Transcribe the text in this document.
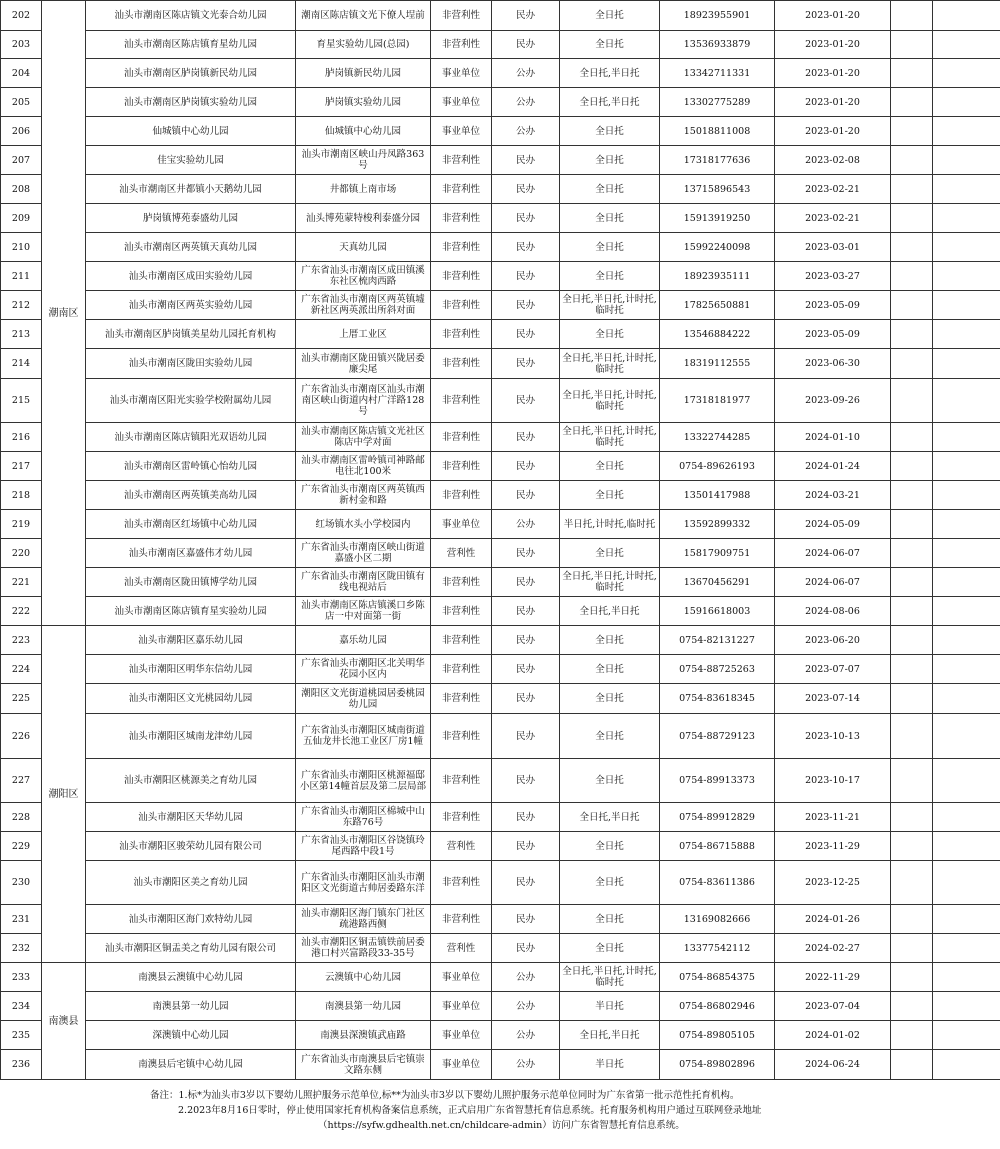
202	潮南区	汕头市潮南区陈店镇文光泰合幼儿园	潮南区陈店镇文光下僚人埕前	非营利性	民办	全日托	18923955901	2023-01-20		
203		汕头市潮南区陈店镇育星幼儿园	育星实验幼儿园(总园)	非营利性	民办	全日托	13536933879	2023-01-20		
204		汕头市潮南区胪岗镇新民幼儿园	胪岗镇新民幼儿园	事业单位	公办	全日托,半日托	13342711331	2023-01-20		
205		汕头市潮南区胪岗镇实验幼儿园	胪岗镇实验幼儿园	事业单位	公办	全日托,半日托	13302775289	2023-01-20		
206		仙城镇中心幼儿园	仙城镇中心幼儿园	事业单位	公办	全日托	15018811008	2023-01-20		
207		佳宝实验幼儿园	汕头市潮南区峡山丹凤路363号	非营利性	民办	全日托	17318177636	2023-02-08		
208		汕头市潮南区井都镇小天鹅幼儿园	井都镇上南市场	非营利性	民办	全日托	13715896543	2023-02-21		
209		胪岗镇博苑泰盛幼儿园	汕头博苑蒙特梭利泰盛分园	非营利性	民办	全日托	15913919250	2023-02-21		
210		汕头市潮南区两英镇天真幼儿园	天真幼儿园	非营利性	民办	全日托	15992240098	2023-03-01		
211		汕头市潮南区成田实验幼儿园	广东省汕头市潮南区成田镇溪东社区梳肉西路	非营利性	民办	全日托	18923935111	2023-03-27		
212		汕头市潮南区两英实验幼儿园	广东省汕头市潮南区两英镇墟新社区两英派出所斜对面	非营利性	民办	全日托,半日托,计时托,临时托	17825650881	2023-05-09		
213		汕头市潮南区胪岗镇美星幼儿园托育机构	上厝工业区	非营利性	民办	全日托	13546884222	2023-05-09		
214		汕头市潮南区陇田实验幼儿园	汕头市潮南区陇田镇兴陇居委廉尖尾	非营利性	民办	全日托,半日托,计时托,临时托	18319112555	2023-06-30		
215		汕头市潮南区阳光实验学校附属幼儿园	广东省汕头市潮南区汕头市潮南区峡山街道内村广洋路128号	非营利性	民办	全日托,半日托,计时托,临时托	17318181977	2023-09-26		
216		汕头市潮南区陈店镇阳光双语幼儿园	汕头市潮南区陈店镇文光社区陈店中学对面	非营利性	民办	全日托,半日托,计时托,临时托	13322744285	2024-01-10		
217		汕头市潮南区雷岭镇心怡幼儿园	汕头市潮南区雷岭镇司神路邮电往北100米	非营利性	民办	全日托	0754-89626193	2024-01-24		
218		汕头市潮南区两英镇美高幼儿园	广东省汕头市潮南区两英镇西新村金和路	非营利性	民办	全日托	13501417988	2024-03-21		
219		汕头市潮南区红场镇中心幼儿园	红场镇水头小学校园内	事业单位	公办	半日托,计时托,临时托	13592899332	2024-05-09		
220		汕头市潮南区嘉盛伟才幼儿园	广东省汕头市潮南区峡山街道嘉盛小区二期	营利性	民办	全日托	15817909751	2024-06-07		
221		汕头市潮南区陇田镇博学幼儿园	广东省汕头市潮南区陇田镇有线电视站后	非营利性	民办	全日托,半日托,计时托,临时托	13670456291	2024-06-07		
222		汕头市潮南区陈店镇育星实验幼儿园	汕头市潮南区陈店镇溪口乡陈店一中对面第一街	非营利性	民办	全日托,半日托	15916618003	2024-08-06		
223	潮阳区	汕头市潮阳区嘉乐幼儿园	嘉乐幼儿园	非营利性	民办	全日托	0754-82131227	2023-06-20		
224		汕头市潮阳区明华东信幼儿园	广东省汕头市潮阳区北关明华花园小区内	非营利性	民办	全日托	0754-88725263	2023-07-07		
225		汕头市潮阳区文光桃园幼儿园	潮阳区文光街道桃园居委桃园幼儿园	非营利性	民办	全日托	0754-83618345	2023-07-14		
226		汕头市潮阳区城南龙津幼儿园	广东省汕头市潮阳区城南街道五仙龙井长池工业区厂房1幢	非营利性	民办	全日托	0754-88729123	2023-10-13		
227		汕头市潮阳区桃源美之育幼儿园	广东省汕头市潮阳区桃源福邸小区第14幢首层及第二层局部	非营利性	民办	全日托	0754-89913373	2023-10-17		
228		汕头市潮阳区天华幼儿园	广东省汕头市潮阳区棉城中山东路76号	非营利性	民办	全日托,半日托	0754-89912829	2023-11-21		
229		汕头市潮阳区骏荣幼儿园有限公司	广东省汕头市潮阳区谷饶镇玲尾西路中段1号	营利性	民办	全日托	0754-86715888	2023-11-29		
230		汕头市潮阳区美之育幼儿园	广东省汕头市潮阳区汕头市潮阳区文光街道古帅居委路东洋	非营利性	民办	全日托	0754-83611386	2023-12-25		
231		汕头市潮阳区海门欢特幼儿园	汕头市潮阳区海门镇东门社区疏港路西侧	非营利性	民办	全日托	13169082666	2024-01-26		
232		汕头市潮阳区铜盂美之育幼儿园有限公司	汕头市潮阳区铜盂镇铁前居委港口村兴富路段33-35号	营利性	民办	全日托	13377542112	2024-02-27		
233	南澳县	南澳县云澳镇中心幼儿园	云澳镇中心幼儿园	事业单位	公办	全日托,半日托,计时托,临时托	0754-86854375	2022-11-29		
234		南澳县第一幼儿园	南澳县第一幼儿园	事业单位	公办	半日托	0754-86802946	2023-07-04		
235		深澳镇中心幼儿园	南澳县深澳镇武庙路	事业单位	公办	全日托,半日托	0754-89805105	2024-01-02		
236		南澳县后宅镇中心幼儿园	广东省汕头市南澳县后宅镇崇文路东侧	事业单位	公办	半日托	0754-89802896	2024-06-24		
备注：1.标*为汕头市3岁以下婴幼儿照护服务示范单位,标**为汕头市3岁以下婴幼儿照护服务示范单位同时为广东省第一批示范性托育机构。
2.2023年8月16日零时，停止使用国家托育机构备案信息系统，正式启用广东省智慧托育信息系统。托育服务机构用户通过互联网登录地址
（https://syfw.gdhealth.net.cn/childcare-admin）访问广东省智慧托育信息系统。
